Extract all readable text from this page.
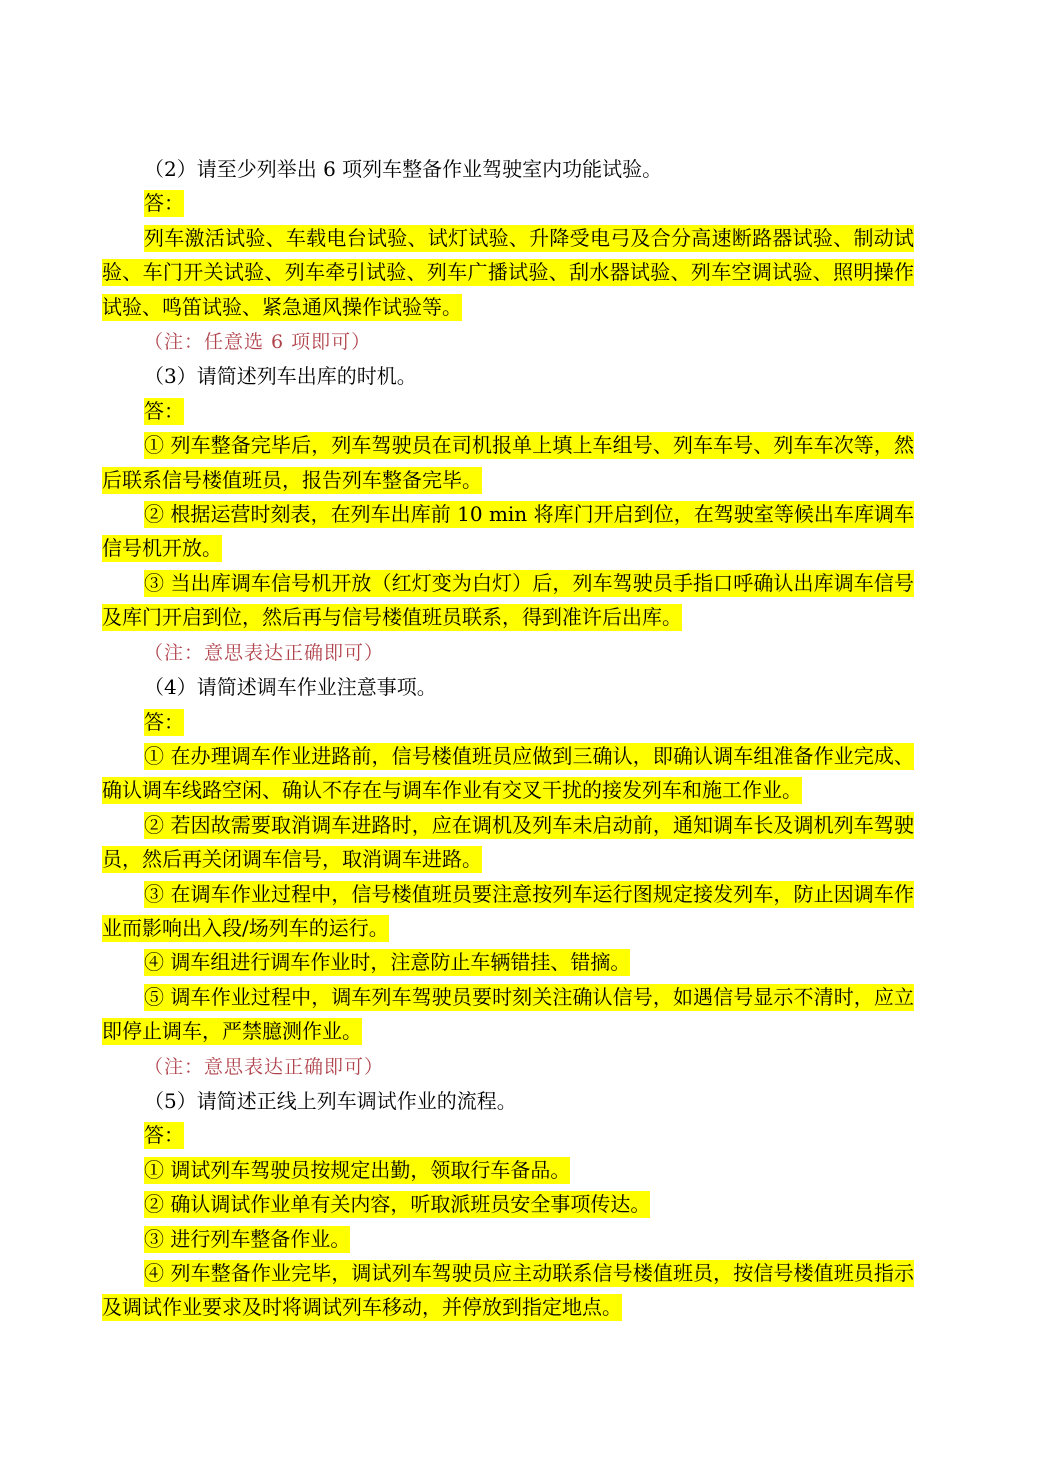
（2）请至少列举出 6 项列车整备作业驾驶室内功能试验。

答：

列车激活试验、车载电台试验、试灯试验、升降受电弓及合分高速断路器试验、制动试验、车门开关试验、列车牵引试验、列车广播试验、刮水器试验、列车空调试验、照明操作试验、鸣笛试验、紧急通风操作试验等。

（注：任意选 6 项即可）

（3）请简述列车出库的时机。

答：

① 列车整备完毕后，列车驾驶员在司机报单上填上车组号、列车车号、列车车次等，然后联系信号楼值班员，报告列车整备完毕。

② 根据运营时刻表，在列车出库前 10 min 将库门开启到位，在驾驶室等候出车库调车信号机开放。

③ 当出库调车信号机开放（红灯变为白灯）后，列车驾驶员手指口呼确认出库调车信号及库门开启到位，然后再与信号楼值班员联系，得到准许后出库。

（注：意思表达正确即可）

（4）请简述调车作业注意事项。

答：

① 在办理调车作业进路前，信号楼值班员应做到三确认，即确认调车组准备作业完成、确认调车线路空闲、确认不存在与调车作业有交叉干扰的接发列车和施工作业。

② 若因故需要取消调车进路时，应在调机及列车未启动前，通知调车长及调机列车驾驶员，然后再关闭调车信号，取消调车进路。

③ 在调车作业过程中，信号楼值班员要注意按列车运行图规定接发列车，防止因调车作业而影响出入段/场列车的运行。

④ 调车组进行调车作业时，注意防止车辆错挂、错摘。

⑤ 调车作业过程中，调车列车驾驶员要时刻关注确认信号，如遇信号显示不清时，应立即停止调车，严禁臆测作业。

（注：意思表达正确即可）

（5）请简述正线上列车调试作业的流程。

答：

① 调试列车驾驶员按规定出勤，领取行车备品。

② 确认调试作业单有关内容，听取派班员安全事项传达。

③ 进行列车整备作业。

④ 列车整备作业完毕，调试列车驾驶员应主动联系信号楼值班员，按信号楼值班员指示及调试作业要求及时将调试列车移动，并停放到指定地点。
